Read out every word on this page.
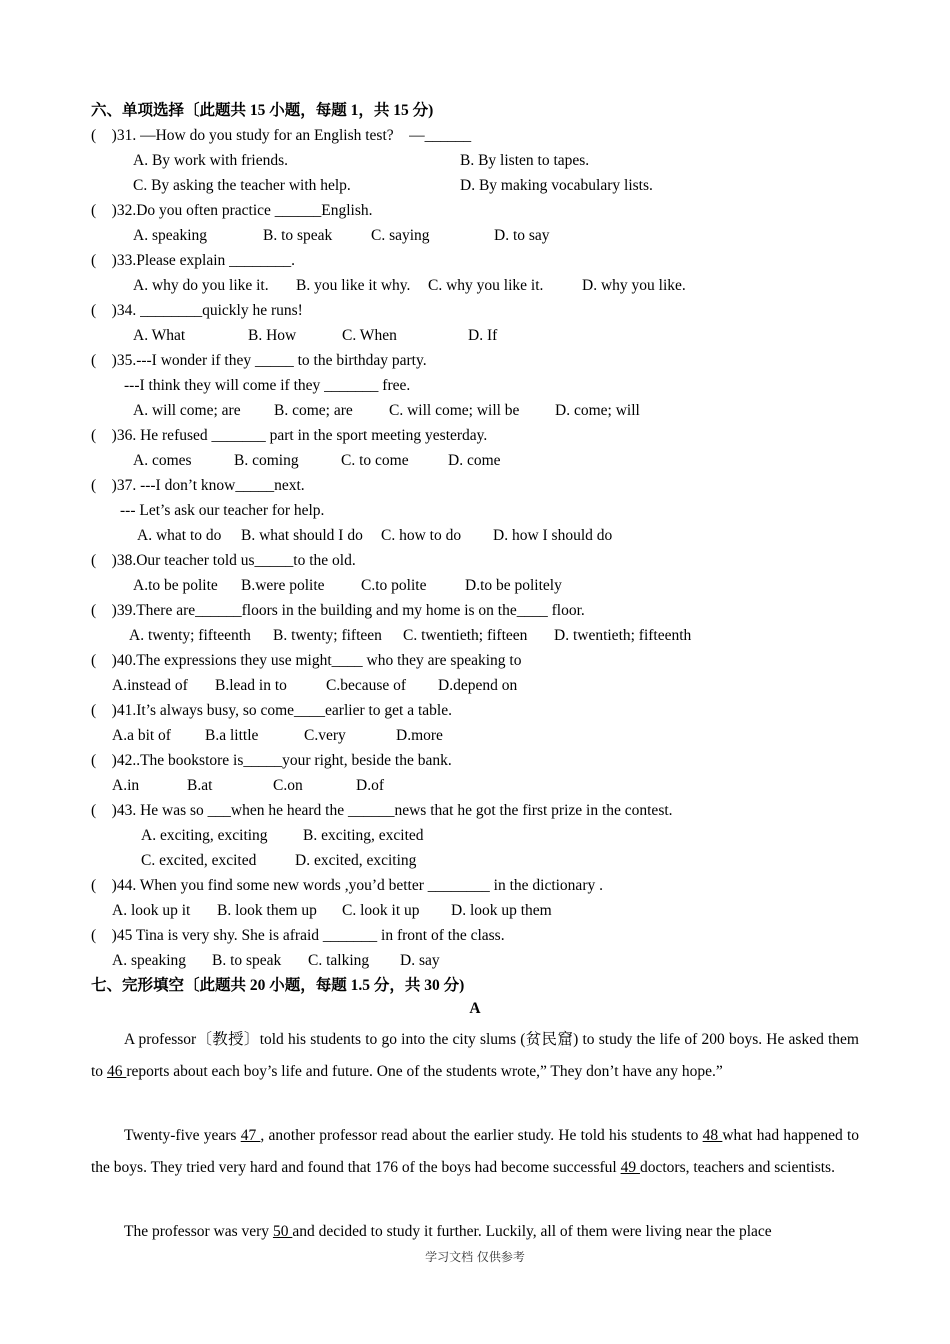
六、单项选择〔此题共 15 小题，每题 1，共 15 分)
(    )31. —How do you study for an English test?    —______
A. By work with friends.	B. By listen to tapes.
C. By asking the teacher with help.	D. By making vocabulary lists.
(    )32.Do you often practice ______English.
A. speaking	B. to speak C. saying	D. to say
(    )33.Please explain ________.
A. why do you like it. B. you like it why. C. why you like it. D. why you like.
(    )34. ________quickly he runs!
A. What	B. How	C. When	D. If
(    )35.---I wonder if they _____ to the birthday party.
---I think they will come if they _______ free.
A. will come; are B. come; are C. will come; will be D. come; will
(    )36. He refused _______ part in the sport meeting yesterday.
A. comes	B. coming	C. to come	D. come
(    )37. ---I don’t know_____next.
--- Let’s ask our teacher for help.
A. what to do B. what should I do C. how to do D. how I should do
(    )38.Our teacher told us_____to the old.
A.to be polite B.were polite C.to polite D.to be politely
(    )39.There are______floors in the building and my home is on the____ floor.
A. twenty; fifteenth B. twenty; fifteen C. twentieth; fifteen D. twentieth; fifteenth
(    )40.The expressions they use might____ who they are speaking to
A.instead of B.lead in to	C.because of D.depend on
(    )41.It’s always busy, so come____earlier to get a table.
A.a bit of B.a little	C.very	D.more
(    )42..The bookstore is_____your right, beside the bank.
A.in	B.at	C.on	D.of
(    )43. He was so ___when he heard the ______news that he got the first prize in the contest.
A. exciting, exciting B. exciting, excited
C. excited, excited D. excited, exciting
(    )44. When you find some new words ,you’d better ________ in the dictionary .
A. look up it B. look them up C. look it up D. look up them
(    )45 Tina is very shy. She is afraid _______ in front of the class.
A. speaking B. to speak C. talking D. say
七、完形填空〔此题共 20 小题，每题 1.5 分，共 30 分)
A
A professor〔教授〕told his students to go into the city slums (贫民窟) to study the life of 200 boys. He asked them to 46 reports about each boy’s life and future. One of the students wrote,” They don’t have any hope.”
Twenty-five years 47 , another professor read about the earlier study. He told his students to 48 what had happened to the boys. They tried very hard and found that 176 of the boys had become successful 49 doctors, teachers and scientists.
The professor was very 50 and decided to study it further. Luckily, all of them were living near the place
学习文档 仅供参考
